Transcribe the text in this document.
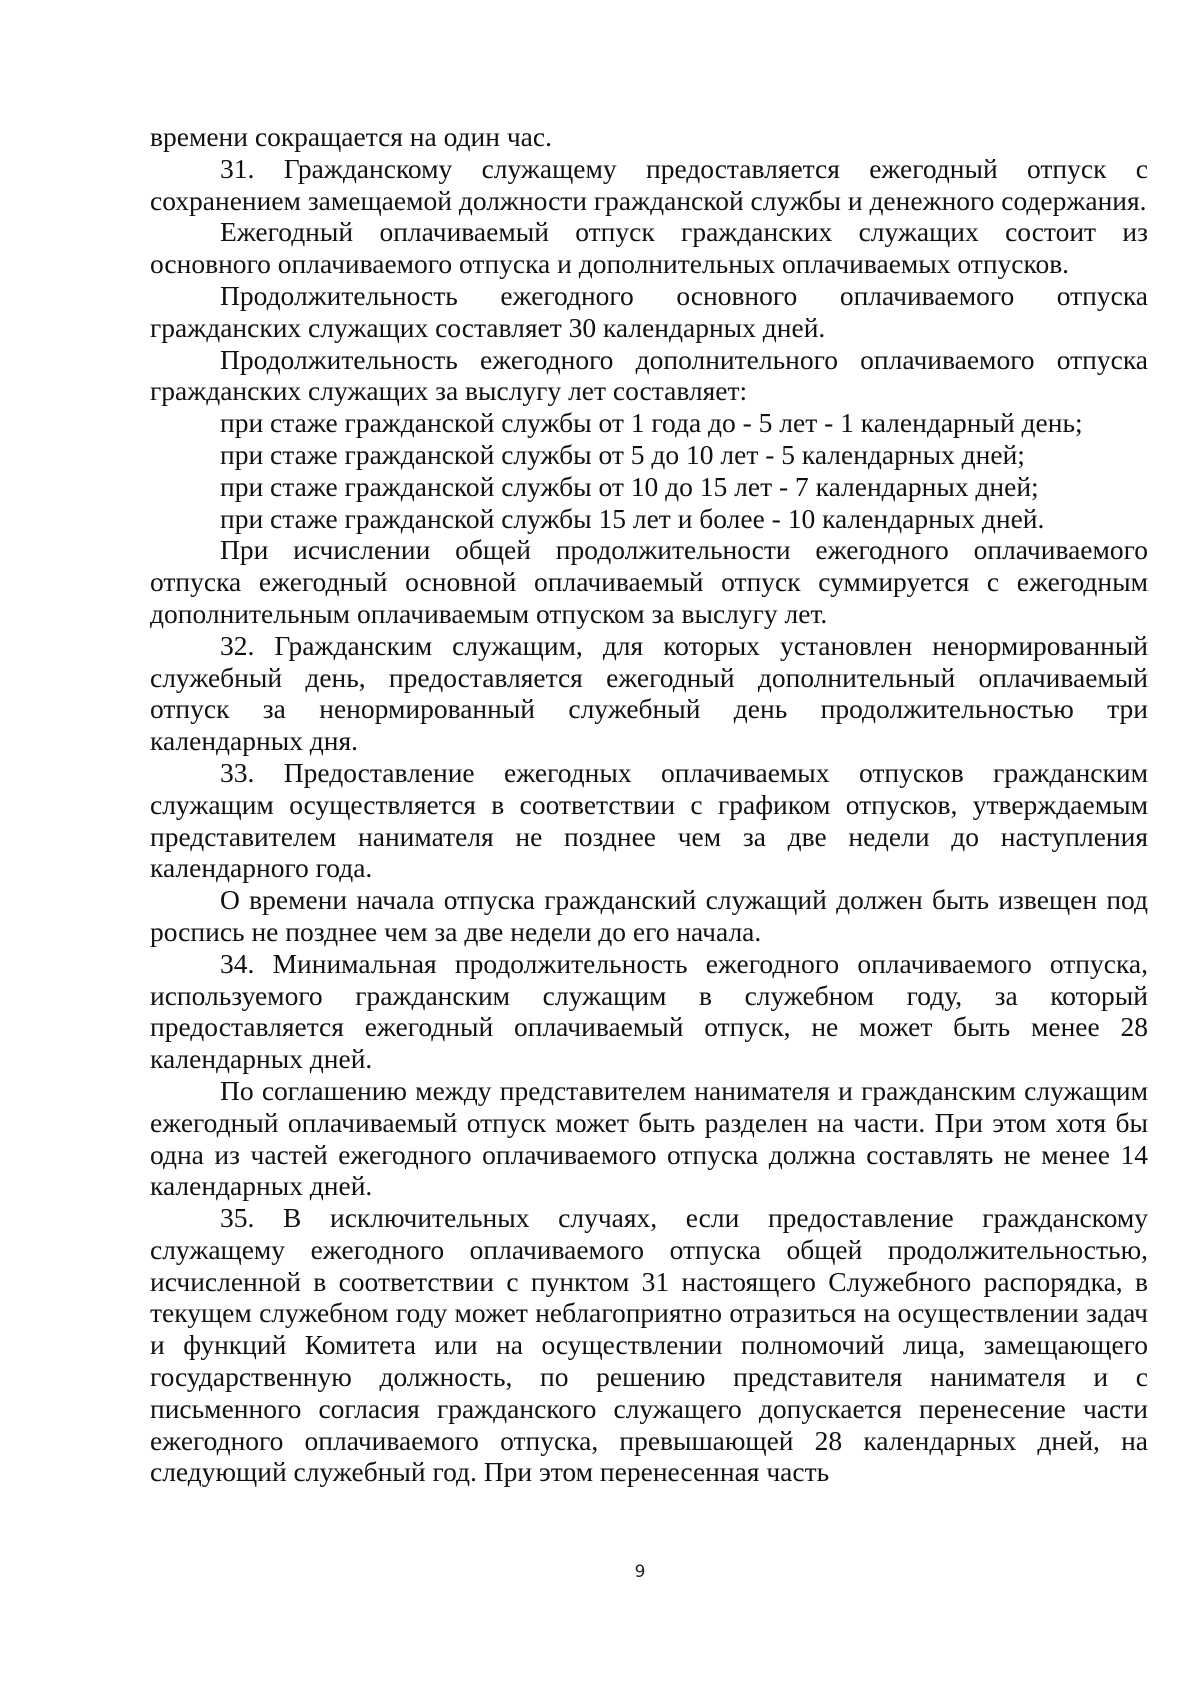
времени сокращается на один час.

31. Гражданскому служащему предоставляется ежегодный отпуск с сохранением замещаемой должности гражданской службы и денежного содержания.

Ежегодный оплачиваемый отпуск гражданских служащих состоит из основного оплачиваемого отпуска и дополнительных оплачиваемых отпусков.

Продолжительность ежегодного основного оплачиваемого отпуска гражданских служащих составляет 30 календарных дней.

Продолжительность ежегодного дополнительного оплачиваемого отпуска гражданских служащих за выслугу лет составляет:

при стаже гражданской службы от 1 года до - 5 лет - 1 календарный день;

при стаже гражданской службы от 5 до 10 лет - 5 календарных дней;

при стаже гражданской службы от 10 до 15 лет - 7 календарных дней;

при стаже гражданской службы 15 лет и более - 10 календарных дней.

При исчислении общей продолжительности ежегодного оплачиваемого отпуска ежегодный основной оплачиваемый отпуск суммируется с ежегодным дополнительным оплачиваемым отпуском за выслугу лет.

32. Гражданским служащим, для которых установлен ненормированный служебный день, предоставляется ежегодный дополнительный оплачиваемый отпуск за ненормированный служебный день продолжительностью три календарных дня.

33. Предоставление ежегодных оплачиваемых отпусков гражданским служащим осуществляется в соответствии с графиком отпусков, утверждаемым представителем нанимателя не позднее чем за две недели до наступления календарного года.

О времени начала отпуска гражданский служащий должен быть извещен под роспись не позднее чем за две недели до его начала.

34. Минимальная продолжительность ежегодного оплачиваемого отпуска, используемого гражданским служащим в служебном году, за который предоставляется ежегодный оплачиваемый отпуск, не может быть менее 28 календарных дней.

По соглашению между представителем нанимателя и гражданским служащим ежегодный оплачиваемый отпуск может быть разделен на части. При этом хотя бы одна из частей ежегодного оплачиваемого отпуска должна составлять не менее 14 календарных дней.

35. В исключительных случаях, если предоставление гражданскому служащему ежегодного оплачиваемого отпуска общей продолжительностью, исчисленной в соответствии с пунктом 31 настоящего Служебного распорядка, в текущем служебном году может неблагоприятно отразиться на осуществлении задач и функций Комитета или на осуществлении полномочий лица, замещающего государственную должность, по решению представителя нанимателя и с письменного согласия гражданского служащего допускается перенесение части ежегодного оплачиваемого отпуска, превышающей 28 календарных дней, на следующий служебный год. При этом перенесенная часть

9
